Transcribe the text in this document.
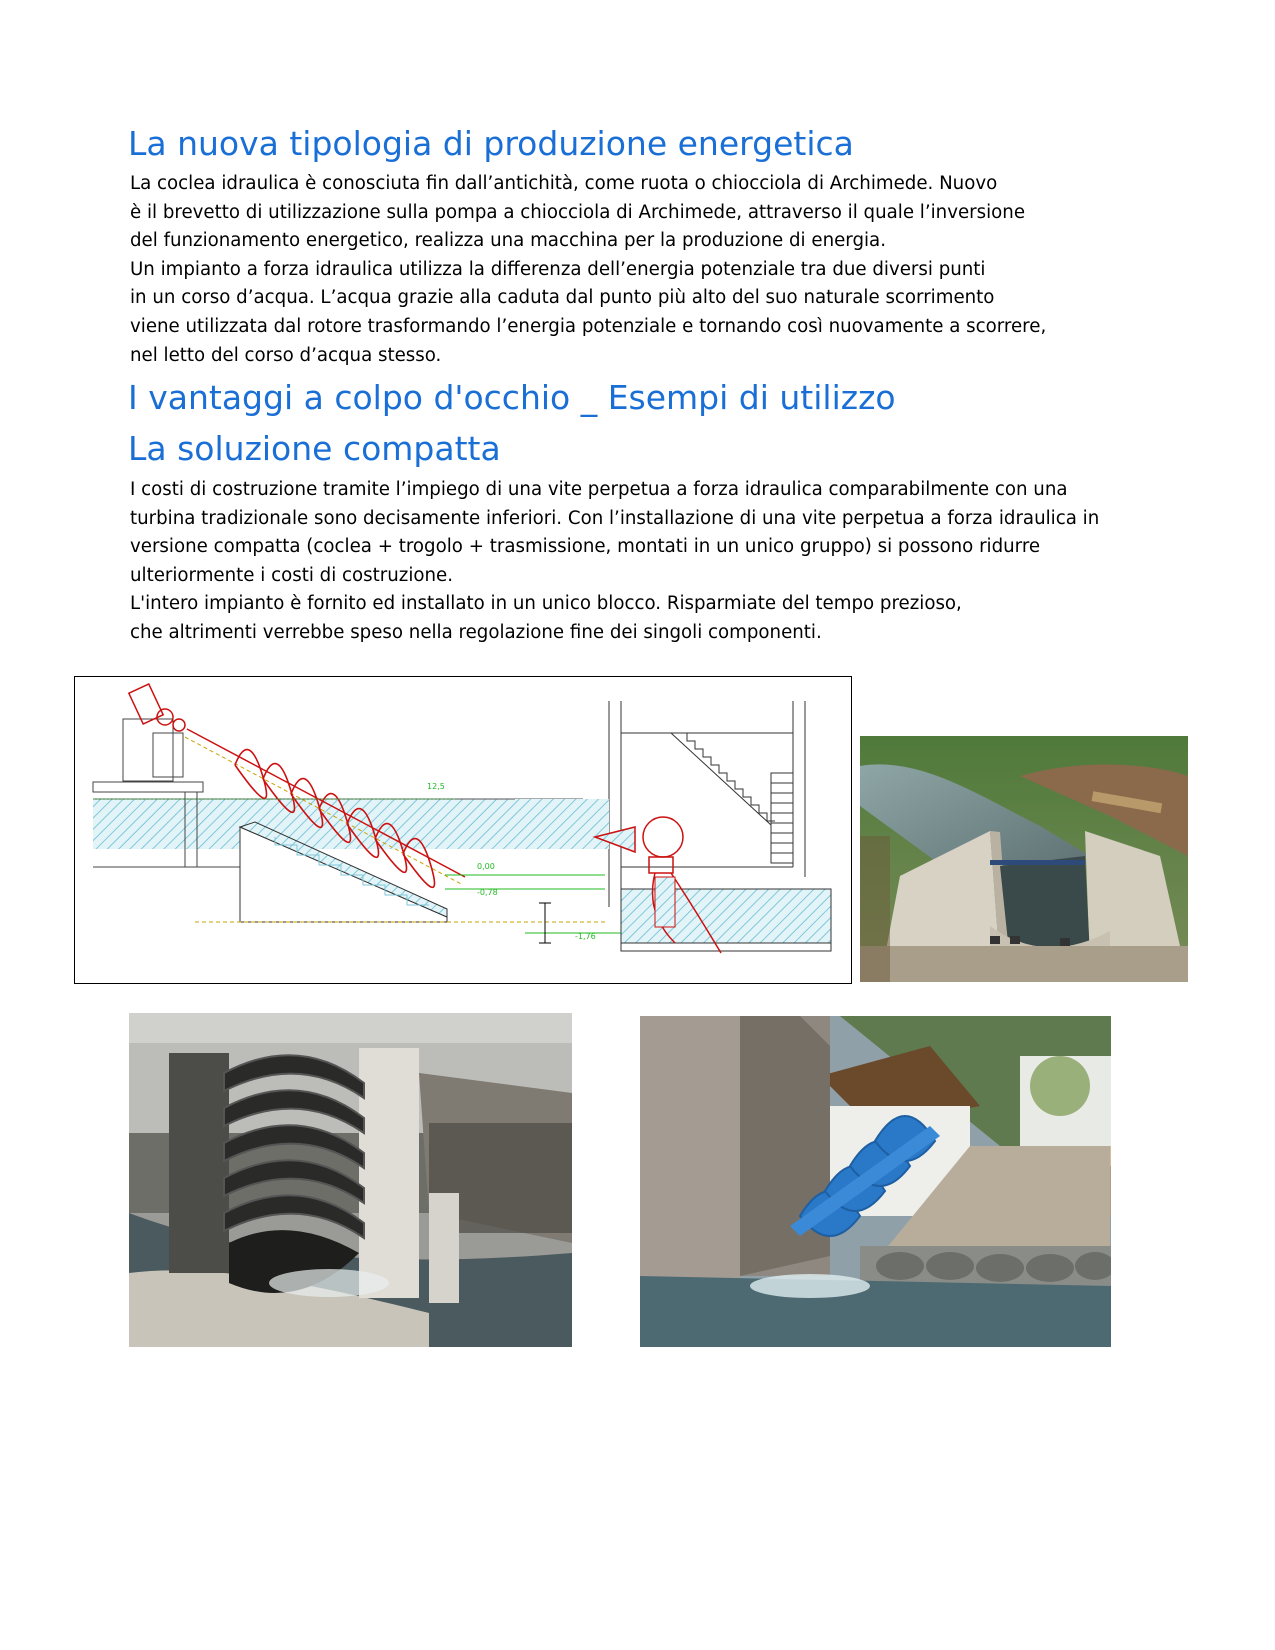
La nuova tipologia di produzione energetica
La coclea idraulica è conosciuta fin dall’antichità, come ruota o chiocciola di Archimede. Nuovo
è il brevetto di utilizzazione sulla pompa a chiocciola di Archimede, attraverso il quale l’inversione
del funzionamento energetico, realizza una macchina per la produzione di energia.
Un impianto a forza idraulica utilizza la differenza dell’energia potenziale tra due diversi punti
in un corso d’acqua. L’acqua grazie alla caduta dal punto più alto del suo naturale scorrimento
viene utilizzata dal rotore trasformando l’energia potenziale e tornando così nuovamente a scorrere,
nel letto del corso d’acqua stesso.
I vantaggi a colpo d'occhio _ Esempi di utilizzo
La soluzione compatta
I costi di costruzione tramite l’impiego di una vite perpetua a forza idraulica comparabilmente con una
turbina tradizionale sono decisamente inferiori. Con l’installazione di una vite perpetua a forza idraulica in
versione compatta (coclea + trogolo + trasmissione, montati in un unico gruppo) si possono ridurre
ulteriormente i costi di costruzione.
L'intero impianto è fornito ed installato in un unico blocco. Risparmiate del tempo prezioso,
che altrimenti verrebbe speso nella regolazione fine dei singoli componenti.
12,5
0,00
-0,78
-1,76
